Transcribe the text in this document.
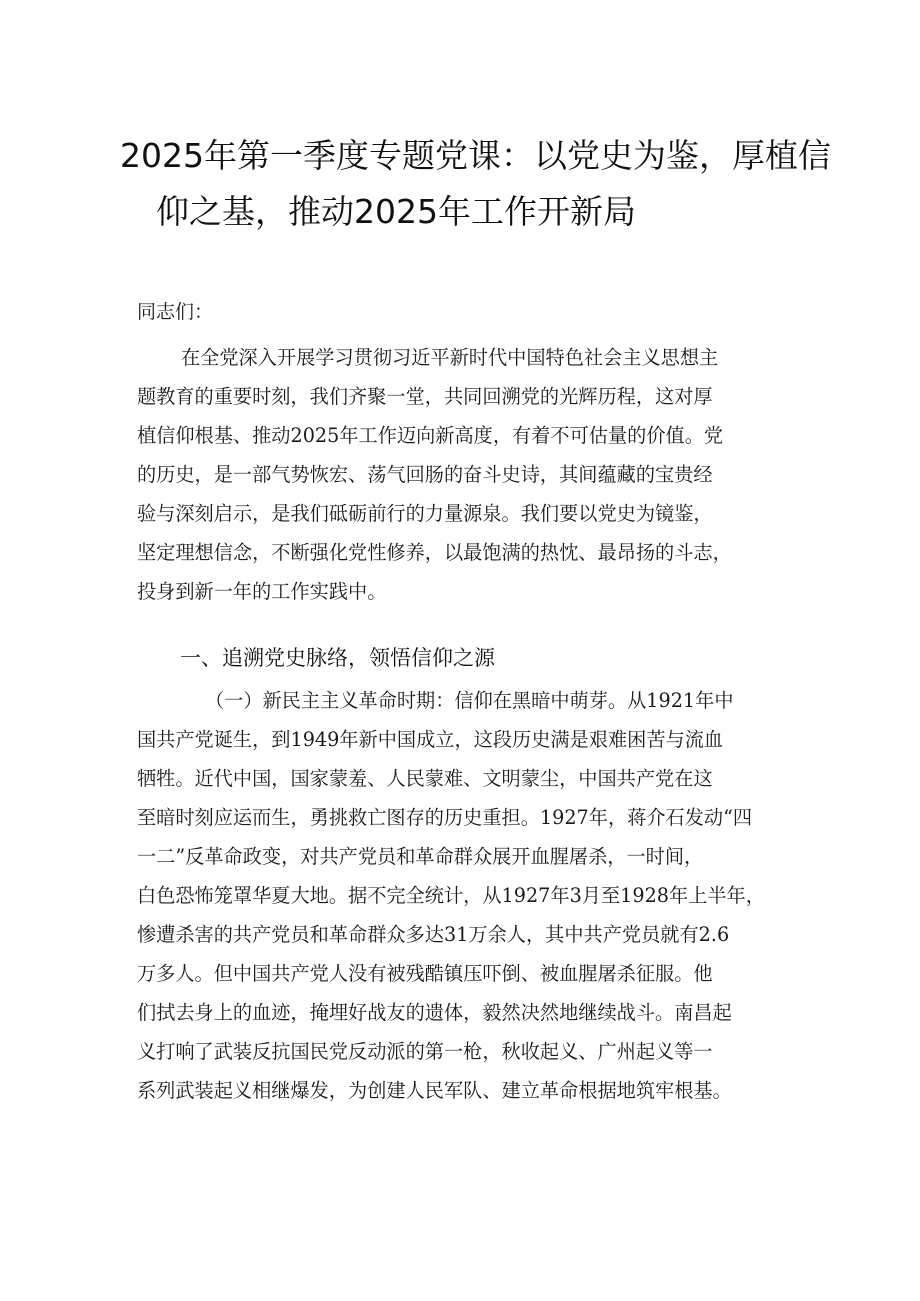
2025年第一季度专题党课：以党史为鉴，厚植信
仰之基，推动2025年工作开新局
同志们：
在全党深入开展学习贯彻习近平新时代中国特色社会主义思想主
题教育的重要时刻，我们齐聚一堂，共同回溯党的光辉历程，这对厚
植信仰根基、推动2025年工作迈向新高度，有着不可估量的价值。党
的历史，是一部气势恢宏、荡气回肠的奋斗史诗，其间蕴藏的宝贵经
验与深刻启示，是我们砥砺前行的力量源泉。我们要以党史为镜鉴，
坚定理想信念，不断强化党性修养，以最饱满的热忱、最昂扬的斗志，
投身到新一年的工作实践中。
一、追溯党史脉络，领悟信仰之源
（一）新民主主义革命时期：信仰在黑暗中萌芽。从1921年中
国共产党诞生，到1949年新中国成立，这段历史满是艰难困苦与流血
牺牲。近代中国，国家蒙羞、人民蒙难、文明蒙尘，中国共产党在这
至暗时刻应运而生，勇挑救亡图存的历史重担。1927年，蒋介石发动“四
一二”反革命政变，对共产党员和革命群众展开血腥屠杀，一时间，
白色恐怖笼罩华夏大地。据不完全统计，从1927年3月至1928年上半年，
惨遭杀害的共产党员和革命群众多达31万余人，其中共产党员就有2.6
万多人。但中国共产党人没有被残酷镇压吓倒、被血腥屠杀征服。他
们拭去身上的血迹，掩埋好战友的遗体，毅然决然地继续战斗。南昌起
义打响了武装反抗国民党反动派的第一枪，秋收起义、广州起义等一
系列武装起义相继爆发，为创建人民军队、建立革命根据地筑牢根基。
